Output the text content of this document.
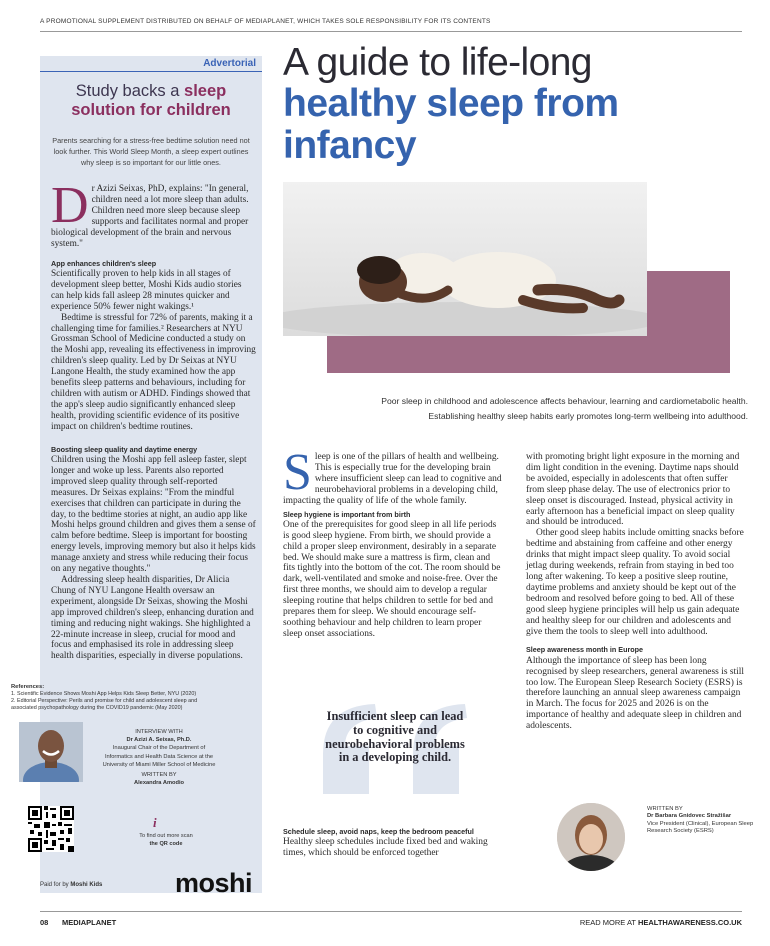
A PROMOTIONAL SUPPLEMENT DISTRIBUTED ON BEHALF OF MEDIAPLANET, WHICH TAKES SOLE RESPONSIBILITY FOR ITS CONTENTS
Advertorial
Study backs a sleep
solution for children
Parents searching for a stress-free bedtime solution need not look further. This World Sleep Month, a sleep expert outlines why sleep is so important for our little ones.
Dr Azizi Seixas, PhD, explains: "In general, children need a lot more sleep than adults. Children need more sleep because sleep supports and facilitates normal and proper biological development of the brain and nervous system."
App enhances children's sleep

Scientifically proven to help kids in all stages of development sleep better, Moshi Kids audio stories can help kids fall asleep 28 minutes quicker and experience 50% fewer night wakings.¹

Bedtime is stressful for 72% of parents, making it a challenging time for families.² Researchers at NYU Grossman School of Medicine conducted a study on the Moshi app, revealing its effectiveness in improving children's sleep quality. Led by Dr Seixas at NYU Langone Health, the study examined how the app benefits sleep patterns and behaviours, including for children with autism or ADHD. Findings showed that the app's sleep audio significantly enhanced sleep health, providing scientific evidence of its positive impact on children's bedtime routines.

Boosting sleep quality and daytime energy

Children using the Moshi app fell asleep faster, slept longer and woke up less. Parents also reported improved sleep quality through self-reported measures. Dr Seixas explains: "From the mindful exercises that children can participate in during the day, to the bedtime stories at night, an audio app like Moshi helps ground children and gives them a sense of calm before bedtime. Sleep is important for boosting energy levels, improving memory but also it helps kids manage anxiety and stress while reducing their focus on any negative thoughts."

Addressing sleep health disparities, Dr Alicia Chung of NYU Langone Health oversaw an experiment, alongside Dr Seixas, showing the Moshi app improved children's sleep, enhancing duration and timing and reducing night wakings. She highlighted a 22-minute increase in sleep, crucial for mood and focus and emphasised its role in addressing sleep health disparities, especially in diverse populations.

References:
1. Scientific Evidence Shows Moshi App Helps Kids Sleep Better, NYU (2020)
2. Editorial Perspective: Perils and promise for child and adolescent sleep and associated psychopathology during the COVID19 pandemic (May 2020)
INTERVIEW WITH
Dr Azizi A. Seixas, Ph.D.
Inaugural Chair of the Department of Informatics and Health Data Science at the University of Miami Miller School of Medicine
WRITTEN BY
Alexandra Amodio
i
To find out more scan
the QR code
Paid for by Moshi Kids	moshi
A guide to life-long
healthy sleep from
infancy
Poor sleep in childhood and adolescence affects behaviour, learning and cardiometabolic health. Establishing healthy sleep habits early promotes long-term wellbeing into adulthood.

Sleep is one of the pillars of health and wellbeing. This is especially true for the developing brain where insufficient sleep can lead to cognitive and neurobehavioral problems in a developing child, impacting the quality of life of the whole family.

Sleep hygiene is important from birth

One of the prerequisites for good sleep in all life periods is good sleep hygiene. From birth, we should provide a child a proper sleep environment, desirably in a separate bed. We should make sure a mattress is firm, clean and fits tightly into the bottom of the cot. The room should be dark, well-ventilated and smoke and noise-free. Over the first three months, we should aim to develop a regular sleeping routine that helps children to settle for bed and prepares them for sleep. We should encourage self-soothing behaviour and help children to learn proper sleep onset associations.

Insufficient sleep can lead to cognitive and neurobehavioral problems in a developing child.
Schedule sleep, avoid naps, keep the bedroom peaceful

Healthy sleep schedules include fixed bed and waking times, which should be enforced together

with promoting bright light exposure in the morning and dim light condition in the evening. Daytime naps should be avoided, especially in adolescents that often suffer from sleep phase delay. The use of electronics prior to sleep onset is discouraged. Instead, physical activity in early afternoon has a beneficial impact on sleep quality and should be introduced.

Other good sleep habits include omitting snacks before bedtime and abstaining from caffeine and other energy drinks that might impact sleep quality. To avoid social jetlag during weekends, refrain from staying in bed too long after wakening. To keep a positive sleep routine, daytime problems and anxiety should be kept out of the bedroom and resolved before going to bed. All of these good sleep hygiene principles will help us gain adequate and healthy sleep for our children and adolescents and give them the tools to sleep well into adulthood.

Sleep awareness month in Europe

Although the importance of sleep has been long recognised by sleep researchers, general awareness is still too low. The European Sleep Research Society (ESRS) is therefore launching an annual sleep awareness campaign in March. The focus for 2025 and 2026 is on the importance of healthy and adequate sleep in children and adolescents.

WRITTEN BY
Dr Barbara Gnidovec Stražišar
Vice President (Clinical), European Sleep Research Society (ESRS)
08 MEDIAPLANET	READ MORE AT HEALTHAWARENESS.CO.UK
